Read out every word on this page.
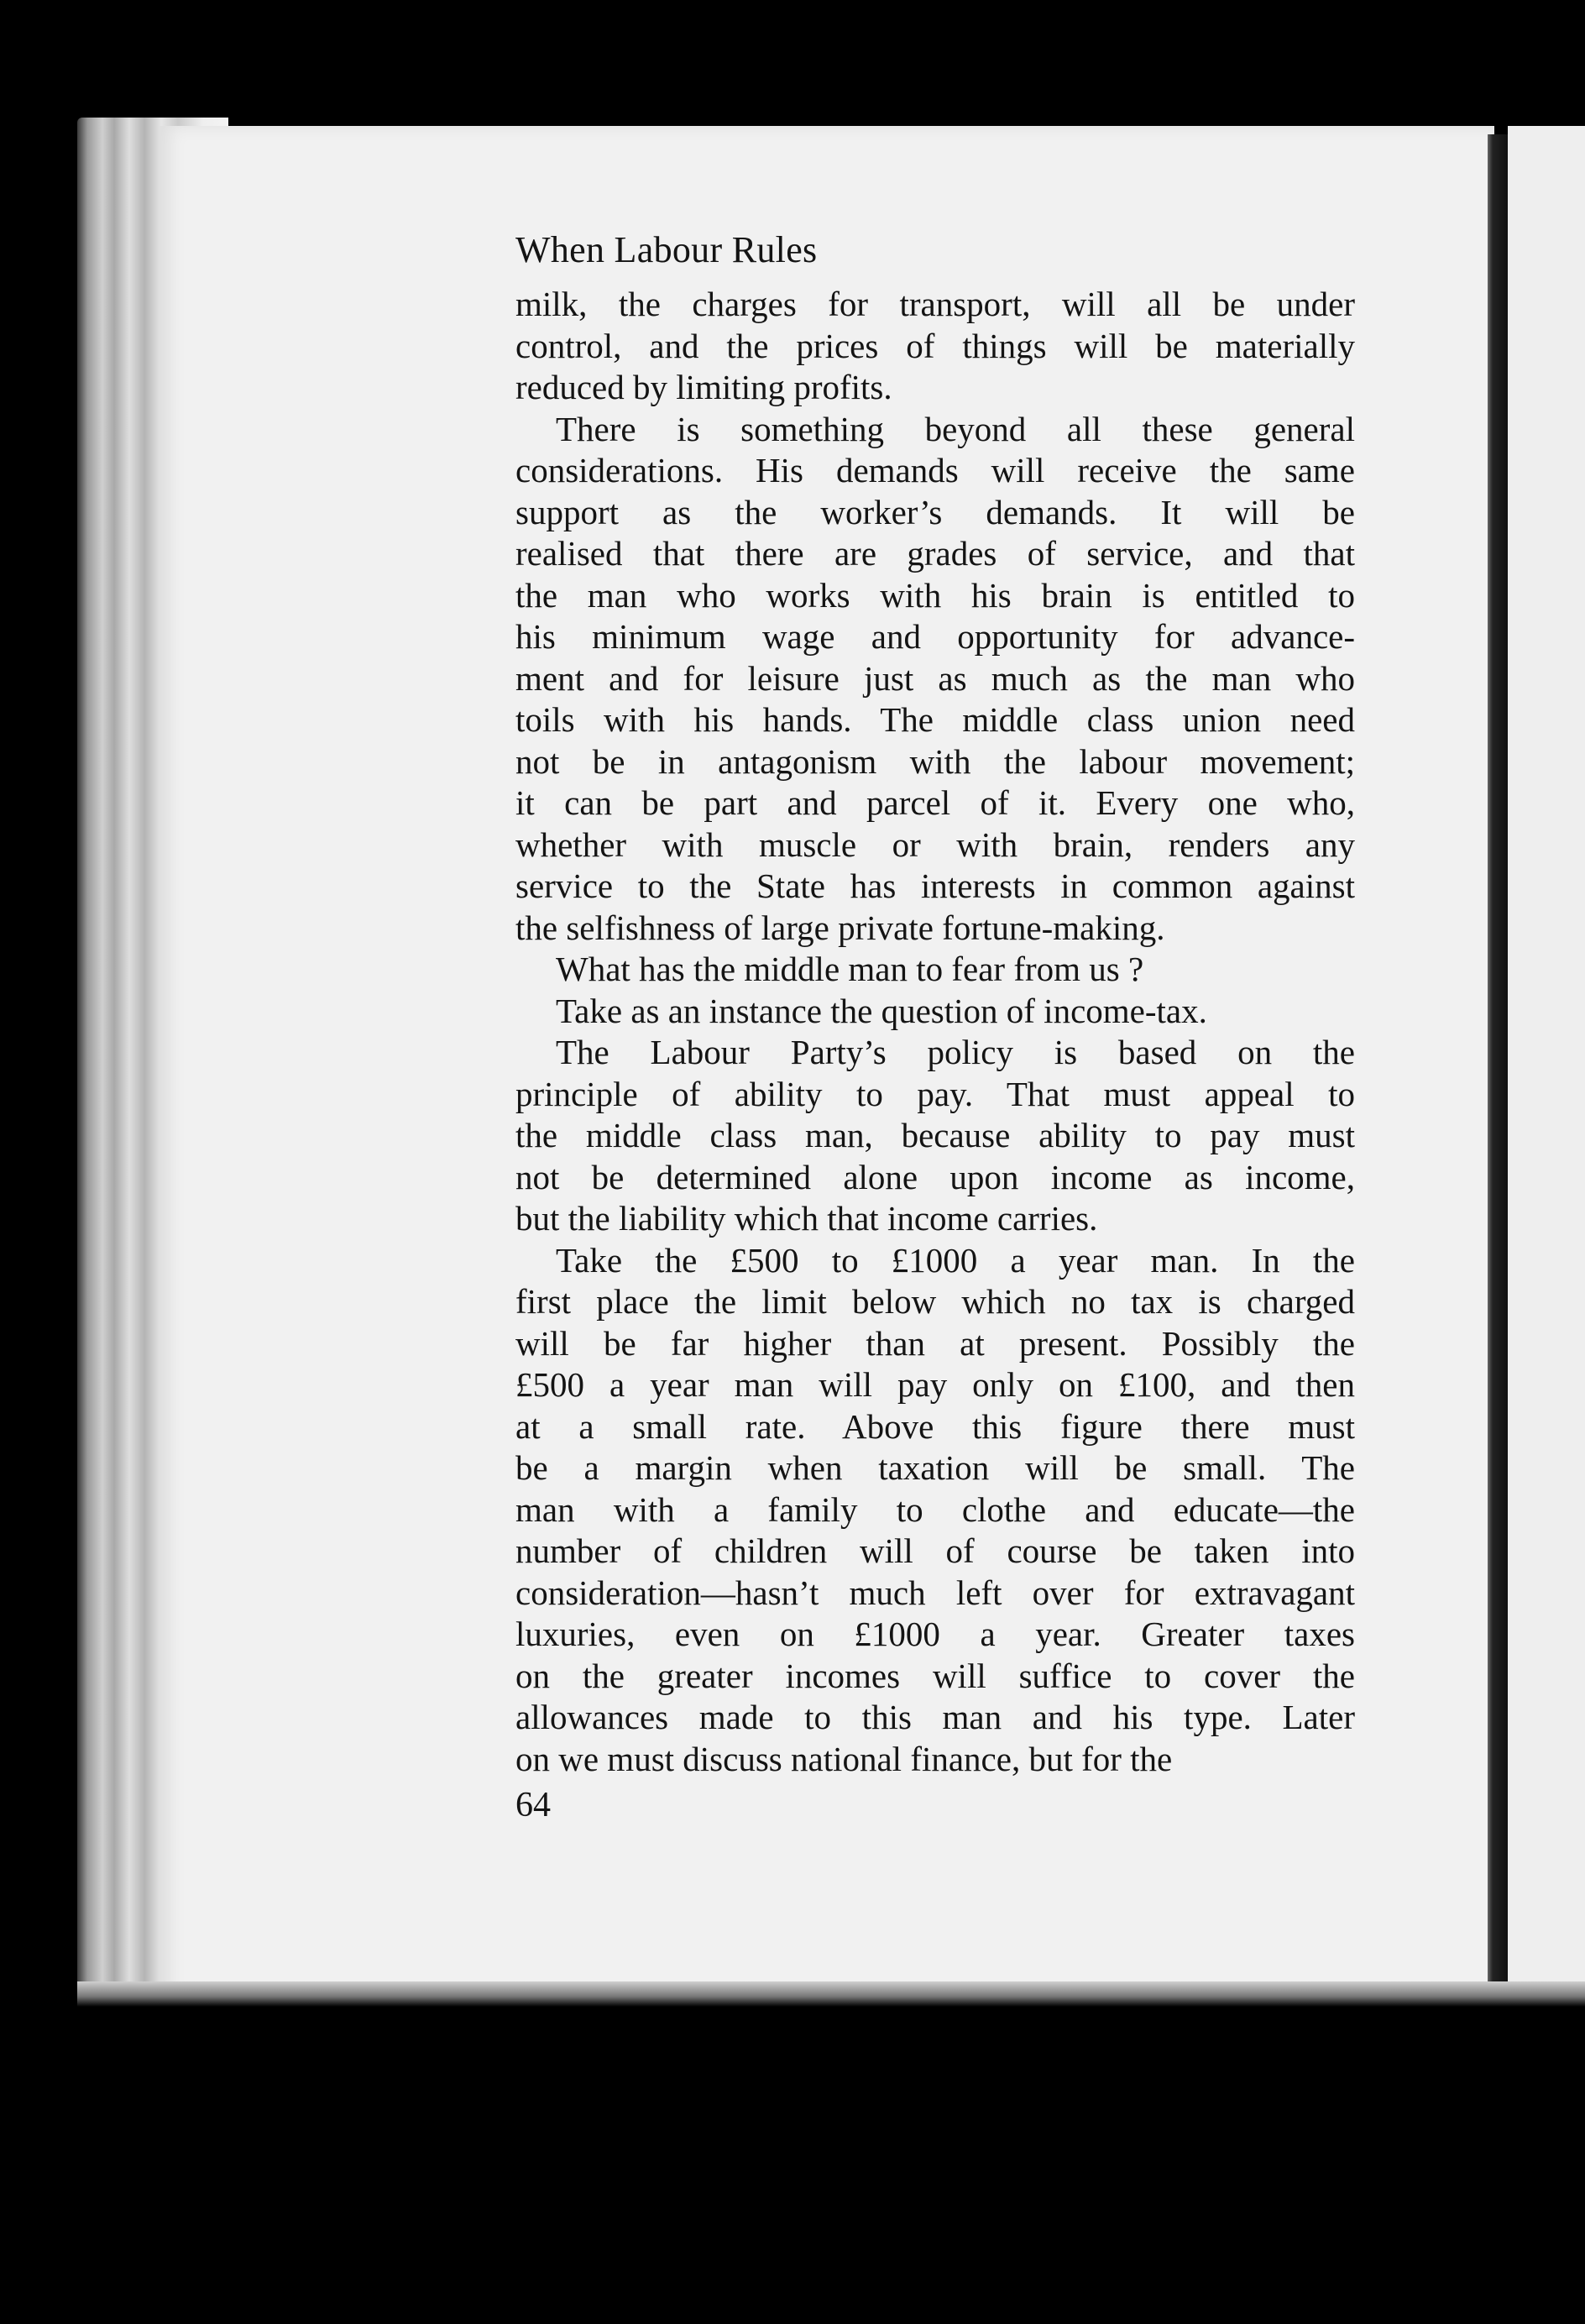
When Labour Rules
milk, the charges for transport, will all be under
control, and the prices of things will be materially
reduced by limiting profits.
There is something beyond all these general
considerations. His demands will receive the same
support as the worker’s demands. It will be
realised that there are grades of service, and that
the man who works with his brain is entitled to
his minimum wage and opportunity for advance-
ment and for leisure just as much as the man who
toils with his hands. The middle class union need
not be in antagonism with the labour movement;
it can be part and parcel of it. Every one who,
whether with muscle or with brain, renders any
service to the State has interests in common against
the selfishness of large private fortune-making.
What has the middle man to fear from us ?
Take as an instance the question of income-tax.
The Labour Party’s policy is based on the
principle of ability to pay. That must appeal to
the middle class man, because ability to pay must
not be determined alone upon income as income,
but the liability which that income carries.
Take the £500 to £1000 a year man. In the
first place the limit below which no tax is charged
will be far higher than at present. Possibly the
£500 a year man will pay only on £100, and then
at a small rate. Above this figure there must
be a margin when taxation will be small. The
man with a family to clothe and educate—the
number of children will of course be taken into
consideration—hasn’t much left over for extravagant
luxuries, even on £1000 a year. Greater taxes
on the greater incomes will suffice to cover the
allowances made to this man and his type. Later
on we must discuss national finance, but for the
64
